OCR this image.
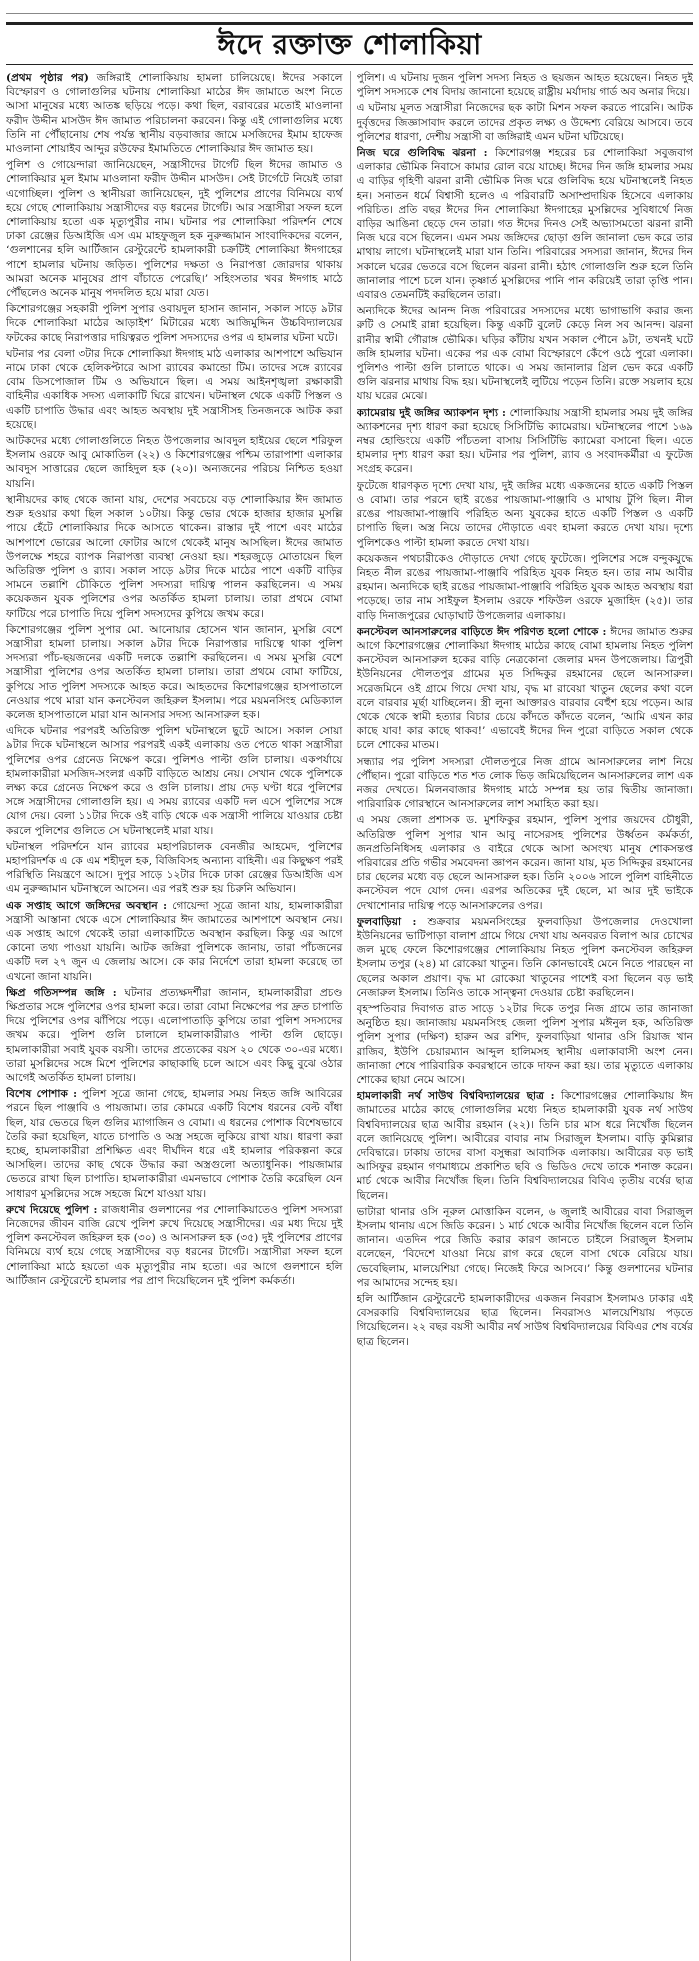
ঈদে রক্তাক্ত শোলাকিয়া

(প্রথম পৃষ্ঠার পর) জঙ্গিরাই শোলাকিয়ায় হামলা চালিয়েছে। ঈদের সকালে বিস্ফোরণ ও গোলাগুলির ঘটনায় শোলাকিয়া মাঠের ঈদ জামাতে অংশ নিতে আসা মানুষের মধ্যে আতঙ্ক ছড়িয়ে পড়ে। কথা ছিল, বরাবরের মতোই মাওলানা ফরীদ উদ্দীন মাসউদ ঈদ জামাত পরিচালনা করবেন। কিন্তু এই গোলাগুলির মধ্যে তিনি না পৌঁছানোয় শেষ পর্যন্ত স্থানীয় বড়বাজার জামে মসজিদের ইমাম হাফেজ মাওলানা শোয়াইব আব্দুর রউফের ইমামতিতে শোলাকিয়ার ঈদ জামাত হয়।

পুলিশ ও গোয়েন্দারা জানিয়েছেন, সন্ত্রাসীদের টার্গেট ছিল ঈদের জামাত ও শোলাকিয়ার মূল ইমাম মাওলানা ফরীদ উদ্দীন মাসউদ। সেই টার্গেটে নিয়েই তারা এগোচ্ছিল। পুলিশ ও স্থানীয়রা জানিয়েছেন, দুই পুলিশের প্রাণের বিনিময়ে ব্যর্থ হয়ে গেছে শোলাকিয়ায় সন্ত্রাসীদের বড় ধরনের টার্গেট। আর সন্ত্রাসীরা সফল হলে শোলাকিয়ায় হতো এক মৃত্যুপুরীর নাম। ঘটনার পর শোলাকিয়া পরিদর্শন শেষে ঢাকা রেঞ্জের ডিআইজি এস এম মাহফুজুল হক নুরুজ্জামান সাংবাদিকদের বলেন, ‘গুলশানের হলি আর্টিজান রেস্টুরেন্টে হামলাকারী চক্রটিই শোলাকিয়া ঈদগাহের পাশে হামলার ঘটনায় জড়িত। পুলিশের দক্ষতা ও নিরাপত্তা জোরদার থাকায় আমরা অনেক মানুষের প্রাণ বাঁচাতে পেরেছি।’ সহিংসতার খবর ঈদগাহ মাঠে পৌঁছলেও অনেক মানুষ পদদলিত হয়ে মারা যেত।

কিশোরগঞ্জের সহকারী পুলিশ সুপার ওবায়দুল হাসান জানান, সকাল সাড়ে ৯টার দিকে শোলাকিয়া মাঠের আড়াইশ’ মিটারের মধ্যে আজিমুদ্দিন উচ্চবিদ্যালয়ের ফটকের কাছে নিরাপত্তার দায়িত্বরত পুলিশ সদস্যদের ওপর এ হামলার ঘটনা ঘটে।

ঘটনার পর বেলা ৩টার দিকে শোলাকিয়া ঈদগাহ মাঠ এলাকার আশপাশে অভিযান নামে ঢাকা থেকে হেলিকপ্টারে আসা র‌্যাবের কমান্ডো টিম। তাদের সঙ্গে র‌্যাবের বোম ডিসপোজাল টিম ও অভিযানে ছিল। এ সময় আইনশৃঙ্খলা রক্ষাকারী বাহিনীর একাধিক সদস্য এলাকাটি ঘিরে রাখেন। ঘটনাস্থল থেকে একটি পিস্তল ও একটি চাপাতি উদ্ধার এবং আহত অবস্থায় দুই সন্ত্রাসীসহ তিনজনকে আটক করা হয়েছে।

আটকদের মধ্যে গোলাগুলিতে নিহত উপজেলার আবদুল হাইয়ের ছেলে শরিফুল ইসলাম ওরফে আবু মোকাতিল (২২) ও কিশোরগঞ্জের পশ্চিম তারাপাশা এলাকার আবদুস সাত্তারের ছেলে জাহিদুল হক (২০)। অন্যজনের পরিচয় নিশ্চিত হওয়া যায়নি।

স্থানীয়দের কাছ থেকে জানা যায়, দেশের সবচেয়ে বড় শোলাকিয়ার ঈদ জামাত শুরু হওয়ার কথা ছিল সকাল ১০টায়। কিন্তু ভোর থেকে হাজার হাজার মুসল্লি পায়ে হেঁটে শোলাকিয়ার দিকে আসতে থাকেন। রাস্তার দুই পাশে এবং মাঠের আশপাশে ভোরের আলো ফোটার আগে থেকেই মানুষ আসছিল। ঈদের জামাত উপলক্ষে শহরে ব্যাপক নিরাপত্তা ব্যবস্থা নেওয়া হয়। শহরজুড়ে মোতায়েন ছিল অতিরিক্ত পুলিশ ও র‌্যাব। সকাল সাড়ে ৯টার দিকে মাঠের পাশে একটি বাড়ির সামনে তল্লাশি চৌকিতে পুলিশ সদস্যরা দায়িত্ব পালন করছিলেন। এ সময় কয়েকজন যুবক পুলিশের ওপর অতর্কিত হামলা চালায়। তারা প্রথমে বোমা ফাটিয়ে পরে চাপাতি দিয়ে পুলিশ সদস্যদের কুপিয়ে জখম করে।

কিশোরগঞ্জের পুলিশ সুপার মো. আনোয়ার হোসেন খান জানান, মুসল্লি বেশে সন্ত্রাসীরা হামলা চালায়। সকাল ৯টার দিকে নিরাপত্তার দায়িত্বে থাকা পুলিশ সদস্যরা পাঁচ-ছয়জনের একটি দলকে তল্লাশি করছিলেন। এ সময় মুসল্লি বেশে সন্ত্রাসীরা পুলিশের ওপর অতর্কিত হামলা চালায়। তারা প্রথমে বোমা ফাটিয়ে, কুপিয়ে সাত পুলিশ সদস্যকে আহত করে। আহতদের কিশোরগঞ্জের হাসপাতালে নেওয়ার পথে মারা যান কনস্টেবল জহিরুল ইসলাম। পরে ময়মনসিংহ মেডিক্যাল কলেজ হাসপাতালে মারা যান আনসার সদস্য আনসারুল হক।

এদিকে ঘটনার পরপরই অতিরিক্ত পুলিশ ঘটনাস্থলে ছুটে আসে। সকাল সোয়া ৯টার দিকে ঘটনাস্থলে আসার পরপরই একই এলাকায় ওত পেতে থাকা সন্ত্রাসীরা পুলিশের ওপর গ্রেনেড নিক্ষেপ করে। পুলিশও পাল্টা গুলি চালায়। একপর্যায়ে হামলাকারীরা মসজিদ-সংলগ্ন একটি বাড়িতে আশ্রয় নেয়। সেখান থেকে পুলিশকে লক্ষ্য করে গ্রেনেড নিক্ষেপ করে ও গুলি চালায়। প্রায় দেড় ঘণ্টা ধরে পুলিশের সঙ্গে সন্ত্রাসীদের গোলাগুলি হয়। এ সময় র‌্যাবের একটি দল এসে পুলিশের সঙ্গে যোগ দেয়। বেলা ১১টার দিকে ওই বাড়ি থেকে এক সন্ত্রাসী পালিয়ে যাওয়ার চেষ্টা করলে পুলিশের গুলিতে সে ঘটনাস্থলেই মারা যায়।

ঘটনাস্থল পরিদর্শনে যান র‌্যাবের মহাপরিচালক বেনজীর আহমেদ, পুলিশের মহাপরিদর্শক এ কে এম শহীদুল হক, বিজিবিসহ অন্যান্য বাহিনী। এর কিছুক্ষণ পরই পরিস্থিতি নিয়ন্ত্রণে আসে। দুপুর সাড়ে ১২টার দিকে ঢাকা রেঞ্জের ডিআইজি এস এম নুরুজ্জামান ঘটনাস্থলে আসেন। এর পরই শুরু হয় চিরুনি অভিযান।

এক সপ্তাহ আগে জঙ্গিদের অবস্থান : গোয়েন্দা সূত্রে জানা যায়, হামলাকারীরা সন্ত্রাসী আস্তানা থেকে এসে শোলাকিয়ার ঈদ জামাতের আশপাশে অবস্থান নেয়। এক সপ্তাহ আগে থেকেই তারা এলাকাটিতে অবস্থান করছিল। কিন্তু এর আগে কোনো তথ্য পাওয়া যায়নি। আটক জঙ্গিরা পুলিশকে জানায়, তারা পাঁচজনের একটি দল ২৭ জুন এ জেলায় আসে। কে কার নির্দেশে তারা হামলা করেছে তা এখনো জানা যায়নি।

ক্ষিপ্র গতিসম্পন্ন জঙ্গি : ঘটনার প্রত্যক্ষদর্শীরা জানান, হামলাকারীরা প্রচণ্ড ক্ষিপ্রতার সঙ্গে পুলিশের ওপর হামলা করে। তারা বোমা নিক্ষেপের পর দ্রুত চাপাতি দিয়ে পুলিশের ওপর ঝাঁপিয়ে পড়ে। এলোপাতাড়ি কুপিয়ে তারা পুলিশ সদস্যদের জখম করে। পুলিশ গুলি চালালে হামলাকারীরাও পাল্টা গুলি ছোড়ে। হামলাকারীরা সবাই যুবক বয়সী। তাদের প্রত্যেকের বয়স ২০ থেকে ৩০-এর মধ্যে। তারা মুসল্লিদের সঙ্গে মিশে পুলিশের কাছাকাছি চলে আসে এবং কিছু বুঝে ওঠার আগেই অতর্কিত হামলা চালায়।

বিশেষ পোশাক : পুলিশ সূত্রে জানা গেছে, হামলার সময় নিহত জঙ্গি আবিরের পরনে ছিল পাঞ্জাবি ও পায়জামা। তার কোমরে একটি বিশেষ ধরনের বেল্ট বাঁধা ছিল, যার ভেতরে ছিল গুলির ম্যাগাজিন ও বোমা। এ ধরনের পোশাক বিশেষভাবে তৈরি করা হয়েছিল, যাতে চাপাতি ও অস্ত্র সহজে লুকিয়ে রাখা যায়। ধারণা করা হচ্ছে, হামলাকারীরা প্রশিক্ষিত এবং দীর্ঘদিন ধরে এই হামলার পরিকল্পনা করে আসছিল। তাদের কাছ থেকে উদ্ধার করা অস্ত্রগুলো অত্যাধুনিক। পায়জামার ভেতরে রাখা ছিল চাপাতি। হামলাকারীরা এমনভাবে পোশাক তৈরি করেছিল যেন সাধারণ মুসল্লিদের সঙ্গে সহজে মিশে যাওয়া যায়।

রুখে দিয়েছে পুলিশ : রাজধানীর গুলশানের পর শোলাকিয়াতেও পুলিশ সদস্যরা নিজেদের জীবন বাজি রেখে পুলিশ রুখে দিয়েছে সন্ত্রাসীদের। এর মধ্য দিয়ে দুই পুলিশ কনস্টেবল জহিরুল হক (৩০) ও আনসারুল হক (৩৫) দুই পুলিশের প্রাণের বিনিময়ে ব্যর্থ হয়ে গেছে সন্ত্রাসীদের বড় ধরনের টার্গেট। সন্ত্রাসীরা সফল হলে শোলাকিয়া মাঠে হয়তো এক মৃত্যুপুরীর নাম হতো। এর আগে গুলশানে হলি আর্টিজান রেস্টুরেন্টে হামলার পর প্রাণ দিয়েছিলেন দুই পুলিশ কর্মকর্তা।

পুলিশ। এ ঘটনায় দুজন পুলিশ সদস্য নিহত ও ছয়জন আহত হয়েছেন। নিহত দুই পুলিশ সদস্যকে শেষ বিদায় জানানো হয়েছে রাষ্ট্রীয় মর্যাদায় গার্ড অব অনার দিয়ে।

এ ঘটনায় মূলত সন্ত্রাসীরা নিজেদের ছক কাটা মিশন সফল করতে পারেনি। আটক দুর্বৃত্তদের জিজ্ঞাসাবাদ করলে তাদের প্রকৃত লক্ষ্য ও উদ্দেশ্য বেরিয়ে আসবে। তবে পুলিশের ধারণা, দেশীয় সন্ত্রাসী বা জঙ্গিরাই এমন ঘটনা ঘটিয়েছে।

নিজ ঘরে গুলিবিদ্ধ ঝরনা : কিশোরগঞ্জ শহরের চর শোলাকিয়া সবুজবাগ এলাকার ভৌমিক নিবাসে কামার রোল বয়ে যাচ্ছে। ঈদের দিন জঙ্গি হামলার সময় এ বাড়ির গৃহিণী ঝরনা রানী ভৌমিক নিজ ঘরে গুলিবিদ্ধ হয়ে ঘটনাস্থলেই নিহত হন। সনাতন ধর্মে বিশ্বাসী হলেও এ পরিবারটি অসাম্প্রদায়িক হিসেবে এলাকায় পরিচিত। প্রতি বছর ঈদের দিন শোলাকিয়া ঈদগাহের মুসল্লিদের সুবিধার্থে নিজ বাড়ির আঙিনা ছেড়ে দেন তারা। গত ঈদের দিনও সেই অভ্যাসমতো ঝরনা রানী নিজ ঘরে বসে ছিলেন। এমন সময় জঙ্গিদের ছোড়া গুলি জানালা ভেদ করে তার মাথায় লাগে। ঘটনাস্থলেই মারা যান তিনি। পরিবারের সদস্যরা জানান, ঈদের দিন সকালে ঘরের ভেতরে বসে ছিলেন ঝরনা রানী। হঠাৎ গোলাগুলি শুরু হলে তিনি জানালার পাশে চলে যান। তৃষ্ণার্ত মুসল্লিদের পানি পান করিয়েই তারা তৃপ্তি পান। এবারও তেমনটিই করছিলেন তারা।

অন্যদিকে ঈদের আনন্দ নিজ পরিবারের সদস্যদের মধ্যে ভাগাভাগি করার জন্য রুটি ও সেমাই রান্না হয়েছিল। কিন্তু একটি বুলেট কেড়ে নিল সব আনন্দ। ঝরনা রানীর স্বামী গৌরাঙ্গ ভৌমিক। ঘড়ির কাঁটায় যখন সকাল পৌনে ৯টা, তখনই ঘটে জঙ্গি হামলার ঘটনা। একের পর এক বোমা বিস্ফোরণে কেঁপে ওঠে পুরো এলাকা। পুলিশও পাল্টা গুলি চালাতে থাকে। এ সময় জানালার গ্রিল ভেদ করে একটি গুলি ঝরনার মাথায় বিদ্ধ হয়। ঘটনাস্থলেই লুটিয়ে পড়েন তিনি। রক্তে সয়লাব হয়ে যায় ঘরের মেঝে।

ক্যামেরায় দুই জঙ্গির অ্যাকশন দৃশ্য : শোলাকিয়ায় সন্ত্রাসী হামলার সময় দুই জঙ্গির অ্যাকশনের দৃশ্য ধারণ করা হয়েছে সিসিটিভি ক্যামেরায়। ঘটনাস্থলের পাশে ১৬৯ নম্বর হোল্ডিংয়ে একটি পাঁচতলা বাসায় সিসিটিভি ক্যামেরা বসানো ছিল। এতে হামলার দৃশ্য ধারণ করা হয়। ঘটনার পর পুলিশ, র‌্যাব ও সংবাদকর্মীরা এ ফুটেজ সংগ্রহ করেন।

ফুটেজে ধারণকৃত দৃশ্যে দেখা যায়, দুই জঙ্গির মধ্যে একজনের হাতে একটি পিস্তল ও বোমা। তার পরনে ছাই রঙের পায়জামা-পাঞ্জাবি ও মাথায় টুপি ছিল। নীল রঙের পায়জামা-পাঞ্জাবি পরিহিত অন্য যুবকের হাতে একটি পিস্তল ও একটি চাপাতি ছিল। অস্ত্র নিয়ে তাদের দৌড়াতে এবং হামলা করতে দেখা যায়। দৃশ্যে পুলিশকেও পাল্টা হামলা করতে দেখা যায়।

কয়েকজন পথচারীকেও দৌড়াতে দেখা গেছে ফুটেজে। পুলিশের সঙ্গে বন্দুকযুদ্ধে নিহত নীল রঙের পায়জামা-পাঞ্জাবি পরিহিত যুবক নিহত হন। তার নাম আবীর রহমান। অন্যদিকে ছাই রঙের পায়জামা-পাঞ্জাবি পরিহিত যুবক আহত অবস্থায় ধরা পড়েছে। তার নাম সাইফুল ইসলাম ওরফে শফিউল ওরফে মুজাহিদ (২৫)। তার বাড়ি দিনাজপুরের ঘোড়াঘাট উপজেলার এলাকায়।

কনস্টেবল আনসারুলের বাড়িতে ঈদ পরিণত হলো শোকে : ঈদের জামাত শুরুর আগে কিশোরগঞ্জের শোলাকিয়া ঈদগাহ মাঠের কাছে বোমা হামলায় নিহত পুলিশ কনস্টেবল আনসারুল হকের বাড়ি নেত্রকোনা জেলার মদন উপজেলায়। ত্রিপুরী ইউনিয়নের দৌলতপুর গ্রামের মৃত সিদ্দিকুর রহমানের ছেলে আনসারুল। সরেজমিনে ওই গ্রামে গিয়ে দেখা যায়, বৃদ্ধ মা রাবেয়া খাতুন ছেলের কথা বলে বলে বারবার মূর্ছা যাচ্ছিলেন। স্ত্রী লুনা আক্তারও বারবার বেহুঁশ হয়ে পড়েন। আর থেকে থেকে স্বামী হত্যার বিচার চেয়ে কাঁদতে কাঁদতে বলেন, ‘আমি এখন কার কাছে যাব! কার কাছে থাকব!’ এভাবেই ঈদের দিন পুরো বাড়িতে সকাল থেকে চলে শোকের মাতম।

সন্ধ্যার পর পুলিশ সদস্যরা দৌলতপুরে নিজ গ্রামে আনসারুলের লাশ নিয়ে পৌঁছান। পুরো বাড়িতে শত শত লোক ভিড় জমিয়েছিলেন আনসারুলের লাশ এক নজর দেখতে। মিলনবাজার ঈদগাহ মাঠে সম্পন্ন হয় তার দ্বিতীয় জানাজা। পারিবারিক গোরস্থানে আনসারুলের লাশ সমাহিত করা হয়।

এ সময় জেলা প্রশাসক ড. মুশফিকুর রহমান, পুলিশ সুপার জয়দেব চৌধুরী, অতিরিক্ত পুলিশ সুপার খান আবু নাসেরসহ পুলিশের উর্ধ্বতন কর্মকর্তা, জনপ্রতিনিধিসহ এলাকার ও বাইরে থেকে আসা অসংখ্য মানুষ শোকসন্তপ্ত পরিবারের প্রতি গভীর সমবেদনা জ্ঞাপন করেন। জানা যায়, মৃত সিদ্দিকুর রহমানের চার ছেলের মধ্যে বড় ছেলে আনসারুল হক। তিনি ২০০৬ সালে পুলিশ বাহিনীতে কনস্টেবল পদে যোগ দেন। এরপর অতিকের দুই ছেলে, মা আর দুই ভাইকে দেখাশোনার দায়িত্ব পড়ে আনসারুলের ওপর।

ফুলবাড়িয়া : শুক্রবার ময়মনসিংহের ফুলবাড়িয়া উপজেলার দেওখোলা ইউনিয়নের ভাটিপাড়া বালাশ গ্রামে গিয়ে দেখা যায় অনবরত বিলাপ আর চোখের জল মুছে ফেলে কিশোরগঞ্জের শোলাকিয়ায় নিহত পুলিশ কনস্টেবল জহিরুল ইসলাম তপুর (২৪) মা রোকেয়া খাতুন। তিনি কোনভাবেই মেনে নিতে পারছেন না ছেলের অকাল প্রয়াণ। বৃদ্ধ মা রোকেয়া খাতুনের পাশেই বসা ছিলেন বড় ভাই নেজারুল ইসলাম। তিনিও তাকে সান্ত্বনা দেওয়ার চেষ্টা করছিলেন।

বৃহস্পতিবার দিবাগত রাত সাড়ে ১২টার দিকে তপুর নিজ গ্রামে তার জানাজা অনুষ্ঠিত হয়। জানাজায় ময়মনসিংহ জেলা পুলিশ সুপার মঈনুল হক, অতিরিক্ত পুলিশ সুপার (দক্ষিণ) হারুন অর রশিদ, ফুলবাড়িয়া থানার ওসি রিয়াজ খান রাজিব, ইউপি চেয়ারম্যান আব্দুল হালিমসহ স্থানীয় এলাকাবাসী অংশ নেন। জানাজা শেষে পারিবারিক কবরস্থানে তাকে দাফন করা হয়। তার মৃত্যুতে এলাকায় শোকের ছায়া নেমে আসে।

হামলাকারী নর্থ সাউথ বিশ্ববিদ্যালয়ের ছাত্র : কিশোরগঞ্জের শোলাকিয়ায় ঈদ জামাতের মাঠের কাছে গোলাগুলির মধ্যে নিহত হামলাকারী যুবক নর্থ সাউথ বিশ্ববিদ্যালয়ের ছাত্র আবীর রহমান (২২)। তিনি চার মাস ধরে নিখোঁজ ছিলেন বলে জানিয়েছে পুলিশ। আবীরের বাবার নাম সিরাজুল ইসলাম। বাড়ি কুমিল্লার দেবিদ্বারে। ঢাকায় তাদের বাসা বসুন্ধরা আবাসিক এলাকায়। আবীরের বড় ভাই আসিফুর রহমান গণমাধ্যমে প্রকাশিত ছবি ও ভিডিও দেখে তাকে শনাক্ত করেন। মার্চ থেকে আবীর নিখোঁজ ছিল। তিনি বিশ্ববিদ্যালয়ের বিবিএ তৃতীয় বর্ষের ছাত্র ছিলেন।

ভাটারা থানার ওসি নূরুল মোত্তাকিন বলেন, ৬ জুলাই আবীরের বাবা সিরাজুল ইসলাম থানায় এসে জিডি করেন। ১ মার্চ থেকে আবীর নিখোঁজ ছিলেন বলে তিনি জানান। এতদিন পরে জিডি করার কারণ জানতে চাইলে সিরাজুল ইসলাম বলেছেন, ‘বিদেশে যাওয়া নিয়ে রাগ করে ছেলে বাসা থেকে বেরিয়ে যায়। ভেবেছিলাম, মালয়েশিয়া গেছে। নিজেই ফিরে আসবে।’ কিন্তু গুলশানের ঘটনার পর আমাদের সন্দেহ হয়।

হলি আর্টিজান রেস্টুরেন্টে হামলাকারীদের একজন নিবরাস ইসলামও ঢাকার এই বেসরকারি বিশ্ববিদ্যালয়ের ছাত্র ছিলেন। নিবরাসও মালয়েশিয়ায় পড়তে গিয়েছিলেন। ২২ বছর বয়সী আবীর নর্থ সাউথ বিশ্ববিদ্যালয়ের বিবিএর শেষ বর্ষের ছাত্র ছিলেন।
